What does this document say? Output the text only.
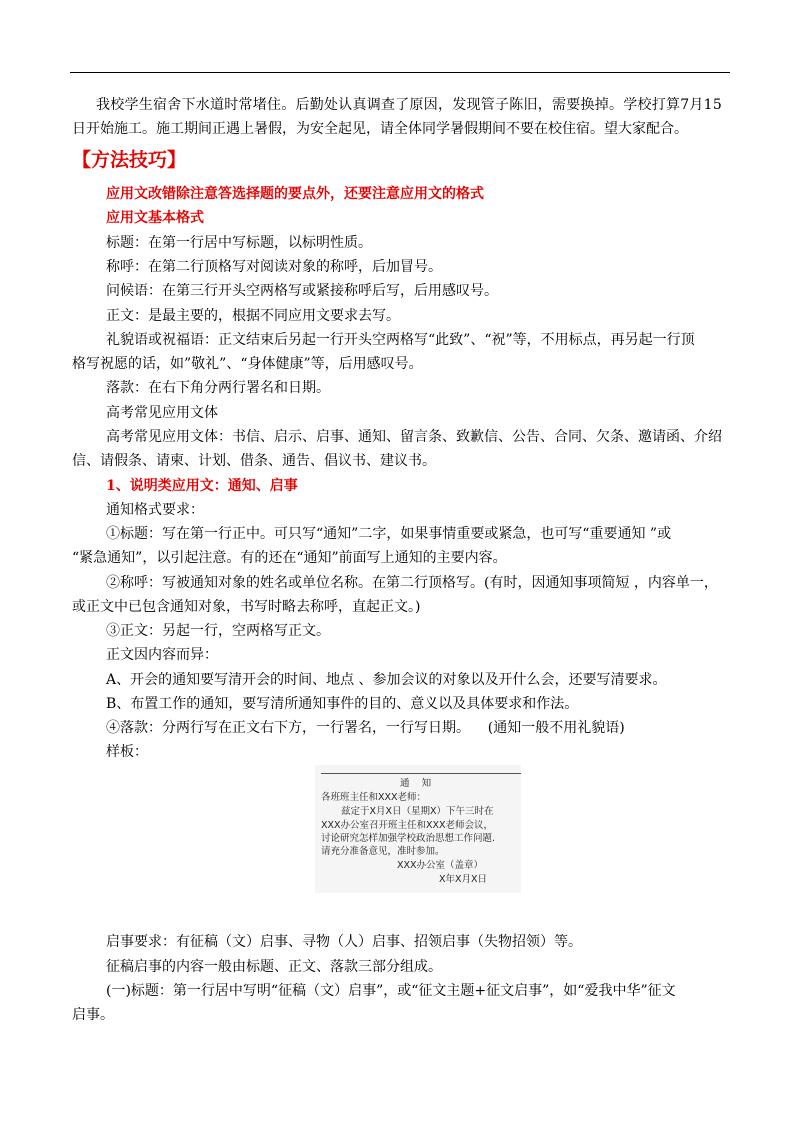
我 校 学 生 宿 舍 下 水 道 时 常 堵 住 。 后 勤 处 认 真 调 查 了 原 因 ， 发 现 管 子 陈 旧 ， 需 要 换 掉 。 学 校 打 算 7 月 1 5
日开始施工。施工期间正遇上暑假，为安全起见，请全体同学暑假期间不要在校住宿。望大家配合。
【方法技巧】
应用文改错除注意答选择题的要点外，还要注意应用文的格式
应用文基本格式
标题：在第一行居中写标题，以标明性质。
称呼：在第二行顶格写对阅读对象的称呼，后加冒号。
问候语：在第三行开头空两格写或紧接称呼后写，后用感叹号。
正文：是最主要的，根据不同应用文要求去写。
礼貌语或祝福语：正文结束后另起一行开头空两格写“此致”、“祝”等，不用标点，再另起一行顶
格写祝愿的话，如”敬礼”、“身体健康”等，后用感叹号。
落款：在右下角分两行署名和日期。
高考常见应用文体
高 考 常 见 应 用 文 体 ： 书 信 、 启 示 、 启 事 、 通 知 、 留 言 条 、 致 歉 信 、 公 告 、 合 同 、 欠 条 、 邀 请 函 、 介 绍
信、请假条、请柬、计划、借条、通告、倡议书、建议书。
1、说明类应用文：通知、启事
通知格式要求：
①标题：写在第一行正中。可只写“通知”二字，如果事情重要或紧急，也可写“重要通知 ”或
“紧急通知”，以引起注意。有的还在“通知”前面写上通知的主要内容。
②称呼：写被通知对象的姓名或单位名称。在第二行顶格写。(有时，因通知事项简短 ，内容单一，
或正文中已包含通知对象，书写时略去称呼，直起正文。)
③正文：另起一行，空两格写正文。
正文因内容而异：
A、开会的通知要写清开会的时间、地点 、参加会议的对象以及开什么会，还要写清要求。
B、布置工作的通知，要写清所通知事件的目的、意义以及具体要求和作法。
④落款：分两行写在正文右下方，一行署名，一行写日期。    (通知一般不用礼貌语)
样板：
通    知
各班班主任和XXX老师：
兹定于X月X日（星期X）下午三时在
XXX办公室召开班主任和XXX老师会议，
讨论研究怎样加强学校政治思想工作问题.
请充分准备意见，准时参加。
XXX办公室（盖章）
X年X月X日
启事要求：有征稿（文）启事、寻物（人）启事、招领启事（失物招领）等。
征稿启事的内容一般由标题、正文、落款三部分组成。
(一)标题：第一行居中写明“征稿（文）启事”，或“征文主题+征文启事”，如“爱我中华”征文
启事。
